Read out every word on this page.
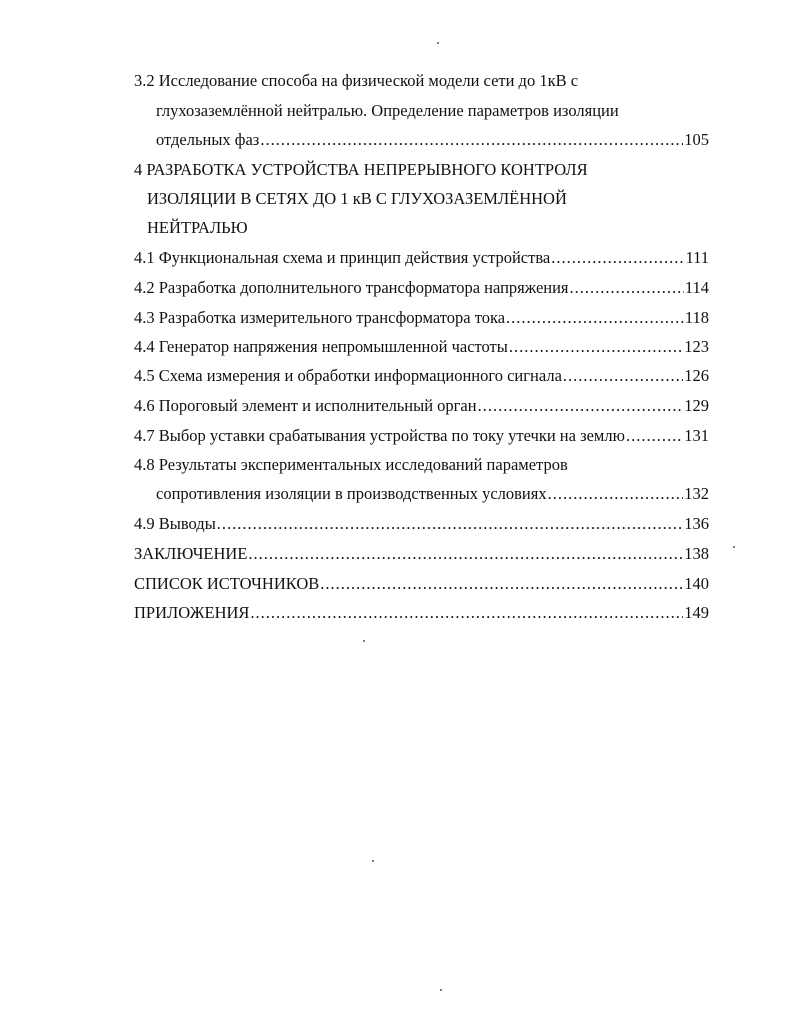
3.2 Исследование способа на физической модели сети до 1кВ с
глухозаземлённой нейтралью. Определение параметров изоляции
отдельных фаз .....	105
4 РАЗРАБОТКА УСТРОЙСТВА НЕПРЕРЫВНОГО КОНТРОЛЯ
ИЗОЛЯЦИИ В СЕТЯХ ДО 1 кВ С ГЛУХОЗАЗЕМЛЁННОЙ
НЕЙТРАЛЬЮ
4.1 Функциональная схема и принцип действия устройства .....	111
4.2 Разработка дополнительного трансформатора напряжения .....	114
4.3 Разработка измерительного трансформатора тока .....	118
4.4 Генератор напряжения непромышленной частоты .....	123
4.5 Схема измерения и обработки информационного сигнала .....	126
4.6 Пороговый элемент и исполнительный орган .....	129
4.7 Выбор уставки срабатывания устройства по току утечки на землю .....	131
4.8 Результаты экспериментальных исследований параметров
сопротивления изоляции в производственных условиях .....	132
4.9 Выводы .....	136
ЗАКЛЮЧЕНИЕ .....	138
СПИСОК ИСТОЧНИКОВ .....	140
ПРИЛОЖЕНИЯ .....	149
